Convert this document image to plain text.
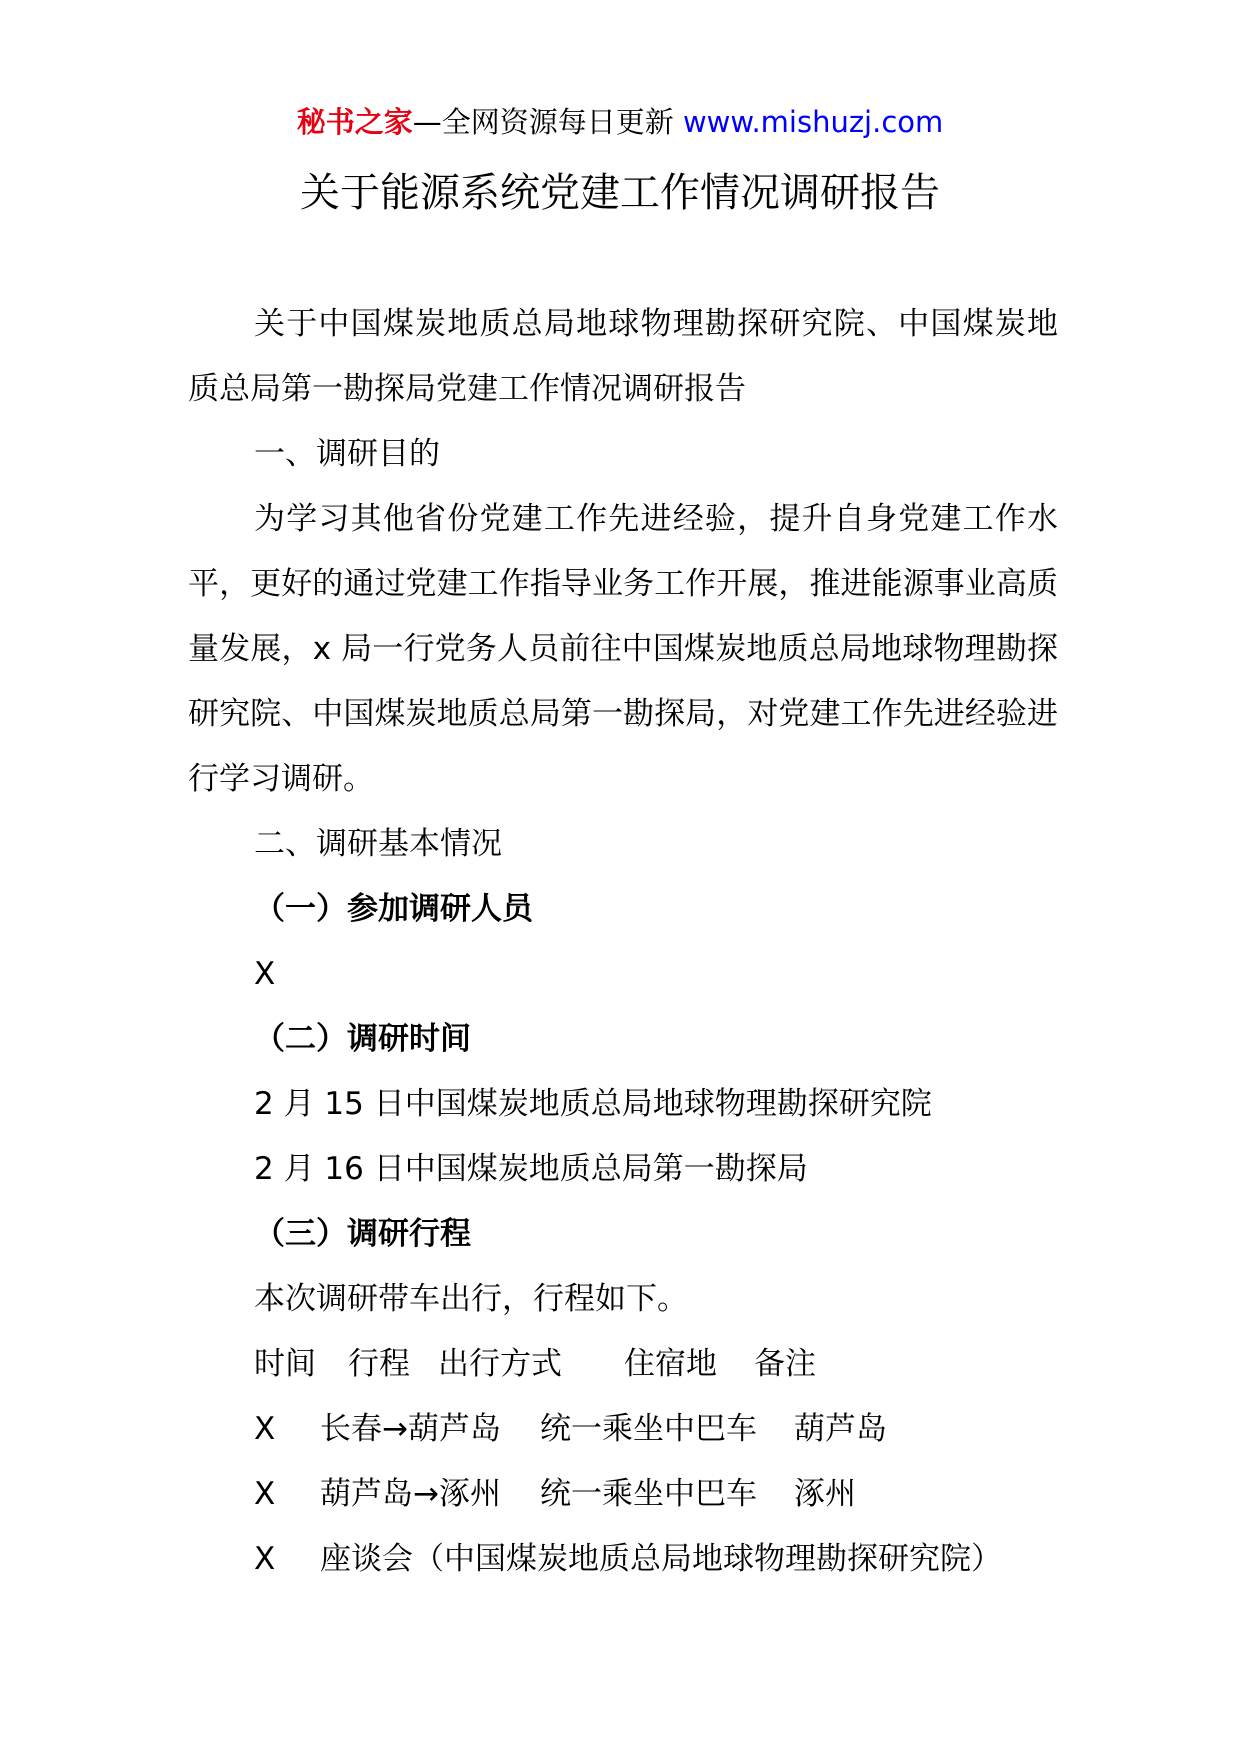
秘书之家—全网资源每日更新 www.mishuzj.com
关于能源系统党建工作情况调研报告

关于中国煤炭地质总局地球物理勘探研究院、中国煤炭地质总局第一勘探局党建工作情况调研报告

一、调研目的

为学习其他省份党建工作先进经验，提升自身党建工作水平，更好的通过党建工作指导业务工作开展，推进能源事业高质量发展，x 局一行党务人员前往中国煤炭地质总局地球物理勘探研究院、中国煤炭地质总局第一勘探局，对党建工作先进经验进行学习调研。

二、调研基本情况

（一）参加调研人员

X

（二）调研时间

2 月 15 日中国煤炭地质总局地球物理勘探研究院

2 月 16 日中国煤炭地质总局第一勘探局

（三）调研行程

本次调研带车出行，行程如下。

时间 行程 出行方式 住宿地 备注
X 长春→葫芦岛 统一乘坐中巴车 葫芦岛
X 葫芦岛→涿州 统一乘坐中巴车 涿州
X 座谈会（中国煤炭地质总局地球物理勘探研究院）
